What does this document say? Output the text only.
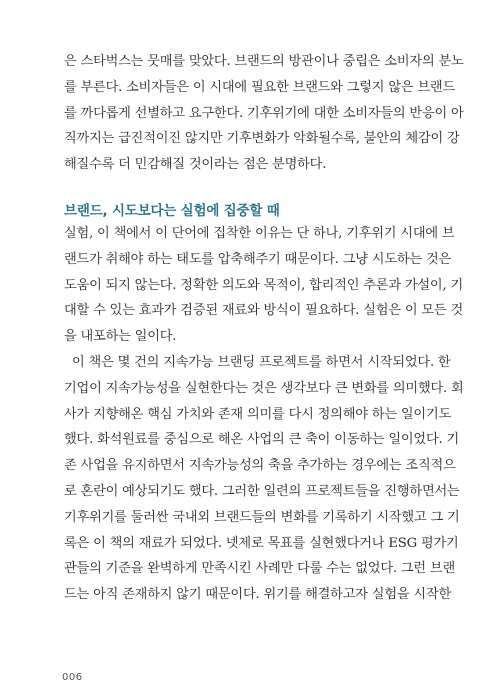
은 스타벅스는 뭇매를 맞았다. 브랜드의 방관이나 중립은 소비자의 분노
를 부른다. 소비자들은 이 시대에 필요한 브랜드와 그렇지 않은 브랜드
를 까다롭게 선별하고 요구한다. 기후위기에 대한 소비자들의 반응이 아
직까지는 급진적이진 않지만 기후변화가 악화될수록, 불안의 체감이 강
해질수록 더 민감해질 것이라는 점은 분명하다.
브랜드, 시도보다는 실험에 집중할 때
실험, 이 책에서 이 단어에 집착한 이유는 단 하나, 기후위기 시대에 브
랜드가 취해야 하는 태도를 압축해주기 때문이다. 그냥 시도하는 것은
도움이 되지 않는다. 정확한 의도와 목적이, 합리적인 추론과 가설이, 기
대할 수 있는 효과가 검증된 재료와 방식이 필요하다. 실험은 이 모든 것
을 내포하는 일이다.
이 책은 몇 건의 지속가능 브랜딩 프로젝트를 하면서 시작되었다. 한
기업이 지속가능성을 실현한다는 것은 생각보다 큰 변화를 의미했다. 회
사가 지향해온 핵심 가치와 존재 의미를 다시 정의해야 하는 일이기도
했다. 화석원료를 중심으로 해온 사업의 큰 축이 이동하는 일이었다. 기
존 사업을 유지하면서 지속가능성의 축을 추가하는 경우에는 조직적으
로 혼란이 예상되기도 했다. 그러한 일련의 프로젝트들을 진행하면서는
기후위기를 둘러싼 국내외 브랜드들의 변화를 기록하기 시작했고 그 기
록은 이 책의 재료가 되었다. 넷제로 목표를 실현했다거나 ESG 평가기
관들의 기준을 완벽하게 만족시킨 사례만 다룰 수는 없었다. 그런 브랜
드는 아직 존재하지 않기 때문이다. 위기를 해결하고자 실험을 시작한
006
